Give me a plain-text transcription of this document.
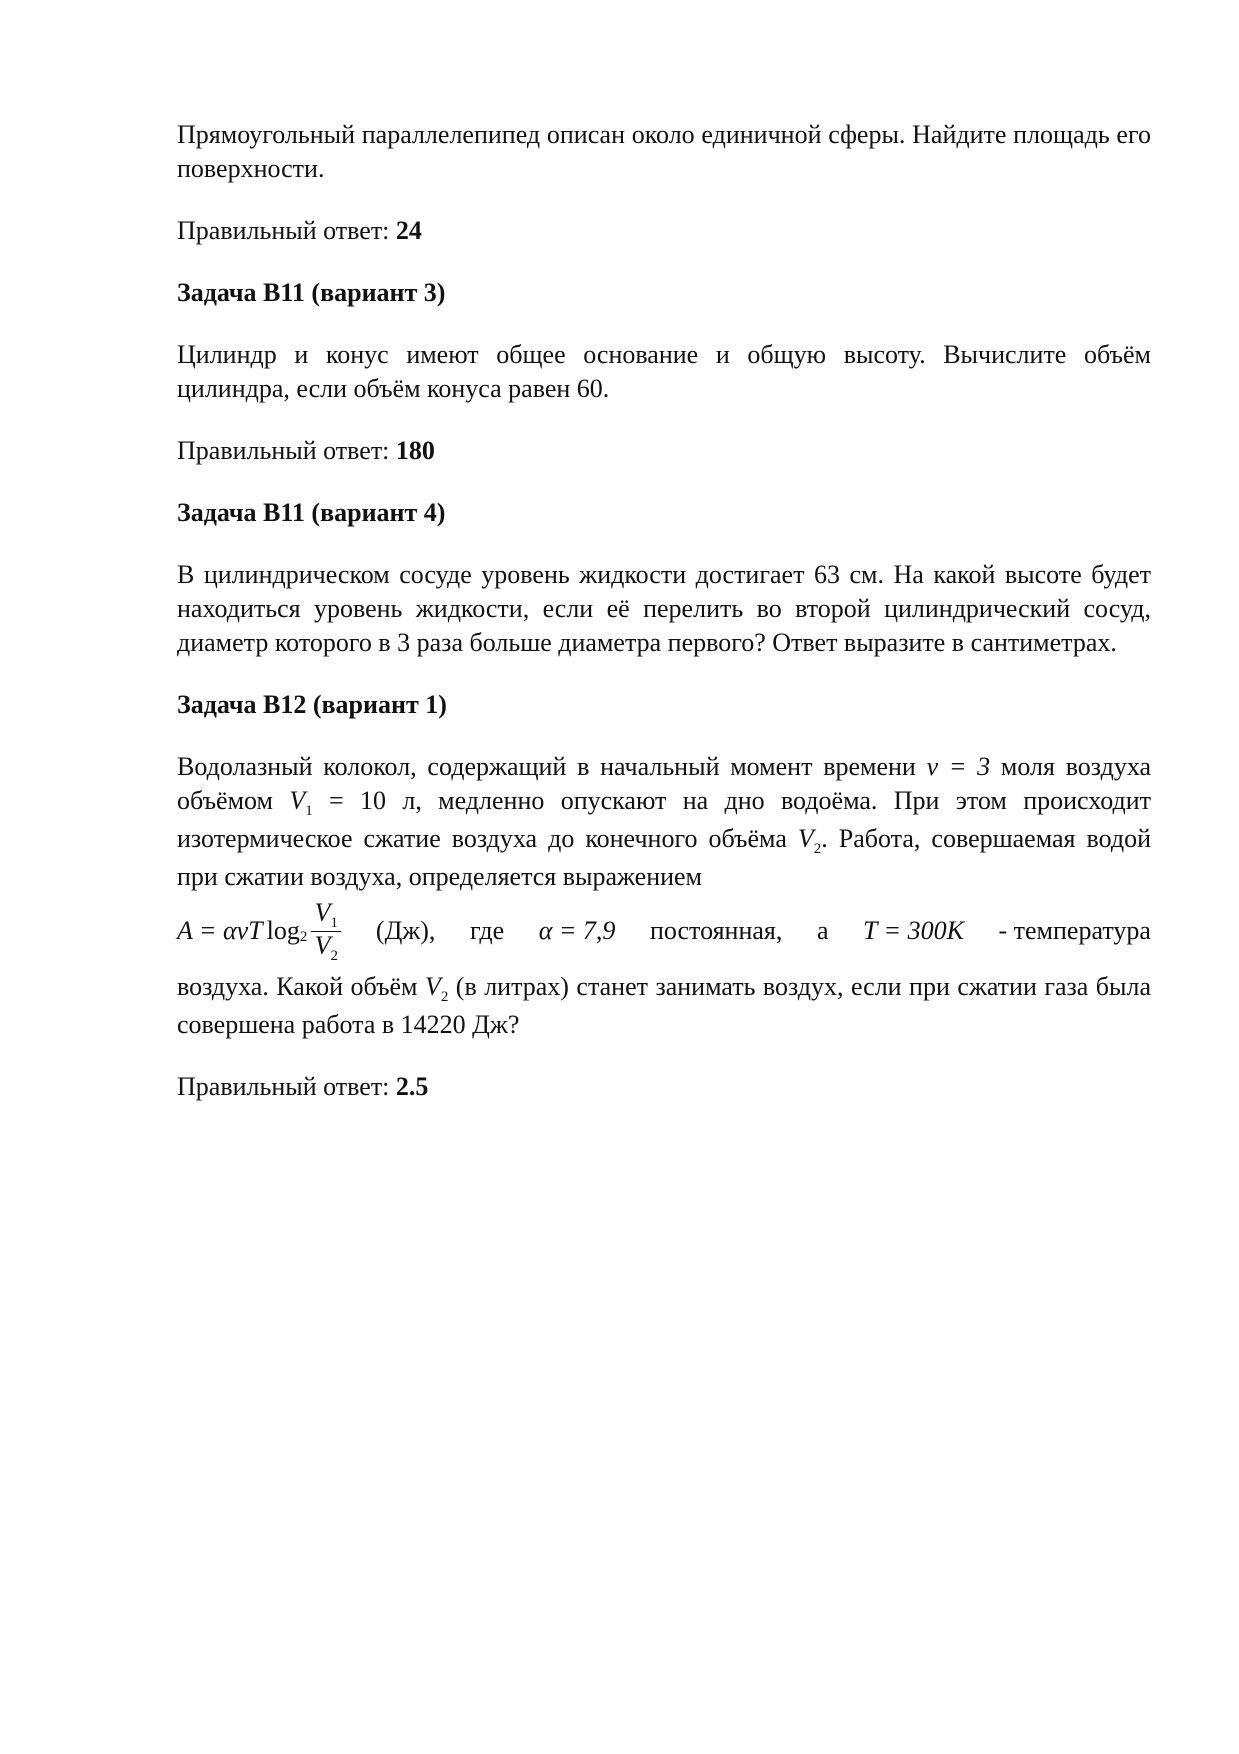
Прямоугольный параллелепипед описан около единичной сферы. Найдите площадь его поверхности.

Правильный ответ: 24

Задача B11 (вариант 3)

Цилиндр и конус имеют общее основание и общую высоту. Вычислите объём цилиндра, если объём конуса равен 60.

Правильный ответ: 180

Задача B11 (вариант 4)

В цилиндрическом сосуде уровень жидкости достигает 63 см. На какой высоте будет находиться уровень жидкости, если её перелить во второй цилиндрический сосуд, диаметр которого в 3 раза больше диаметра первого? Ответ выразите в сантиметрах.

Задача B12 (вариант 1)

Водолазный колокол, содержащий в начальный момент времени ν = 3 моля воздуха объёмом $V_1 = 10$ л, медленно опускают на дно водоёма. При этом происходит изотермическое сжатие воздуха до конечного объёма $V_2$. Работа, совершаемая водой при сжатии воздуха, определяется выражением

A = ανT $\log 2 \frac{V_1}{V_2} (Дж)$, где α = 7,9 постоянная, а T = 300K - температура

воздуха. Какой объём $V_2$ (в литрах) станет занимать воздух, если при сжатии газа была совершена работа в 14220 Дж?

Правильный ответ: 2.5
